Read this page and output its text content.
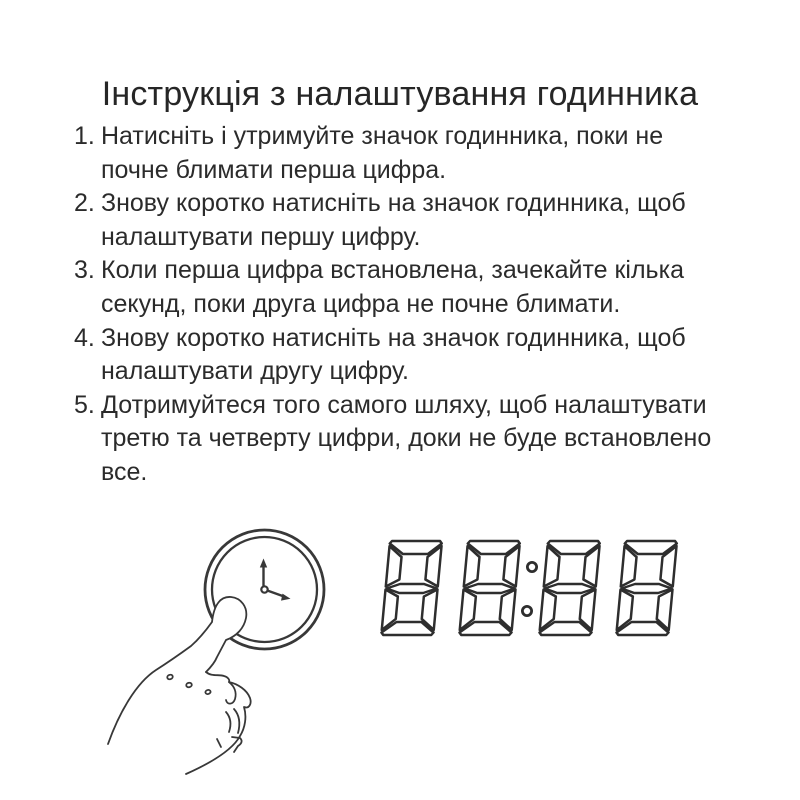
Інструкція з налаштування годинника
1. Натисніть і утримуйте значок годинника, поки не
почне блимати перша цифра.
2. Знову коротко натисніть на значок годинника, щоб
налаштувати першу цифру.
3. Коли перша цифра встановлена, зачекайте кілька
секунд, поки друга цифра не почне блимати.
4. Знову коротко натисніть на значок годинника, щоб
налаштувати другу цифру.
5. Дотримуйтеся того самого шляху, щоб налаштувати
третю та четверту цифри, доки не буде встановлено
все.
